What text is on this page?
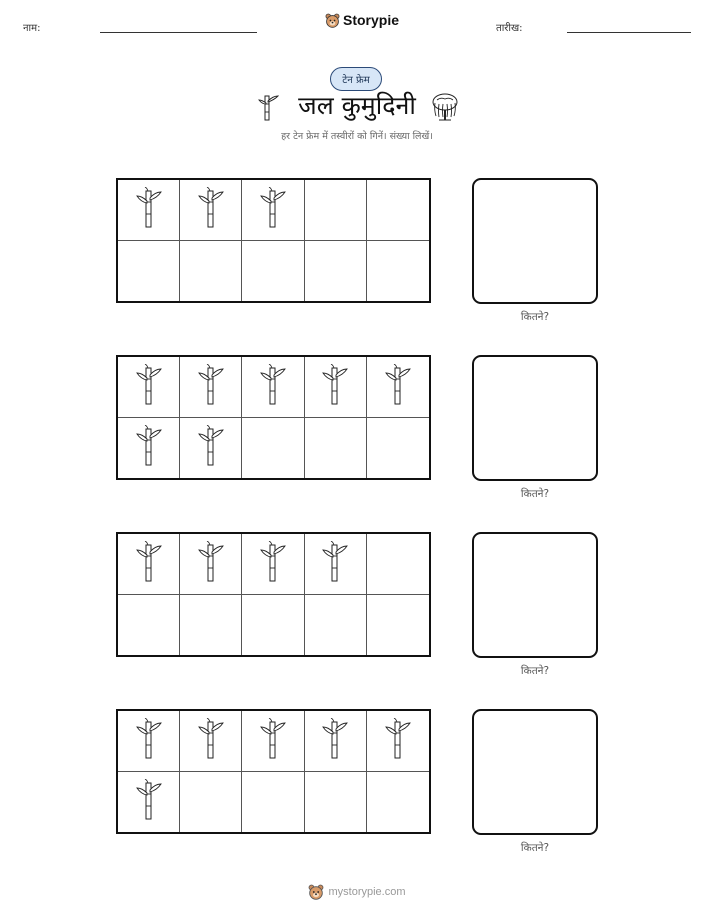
नाम:
Storypie
तारीख:
टेन फ्रेम
जल कुमुदिनी
हर टेन फ्रेम में तस्वीरों को गिनें। संख्या लिखें।
कितने?
कितने?
कितने?
कितने?
mystorypie.com
